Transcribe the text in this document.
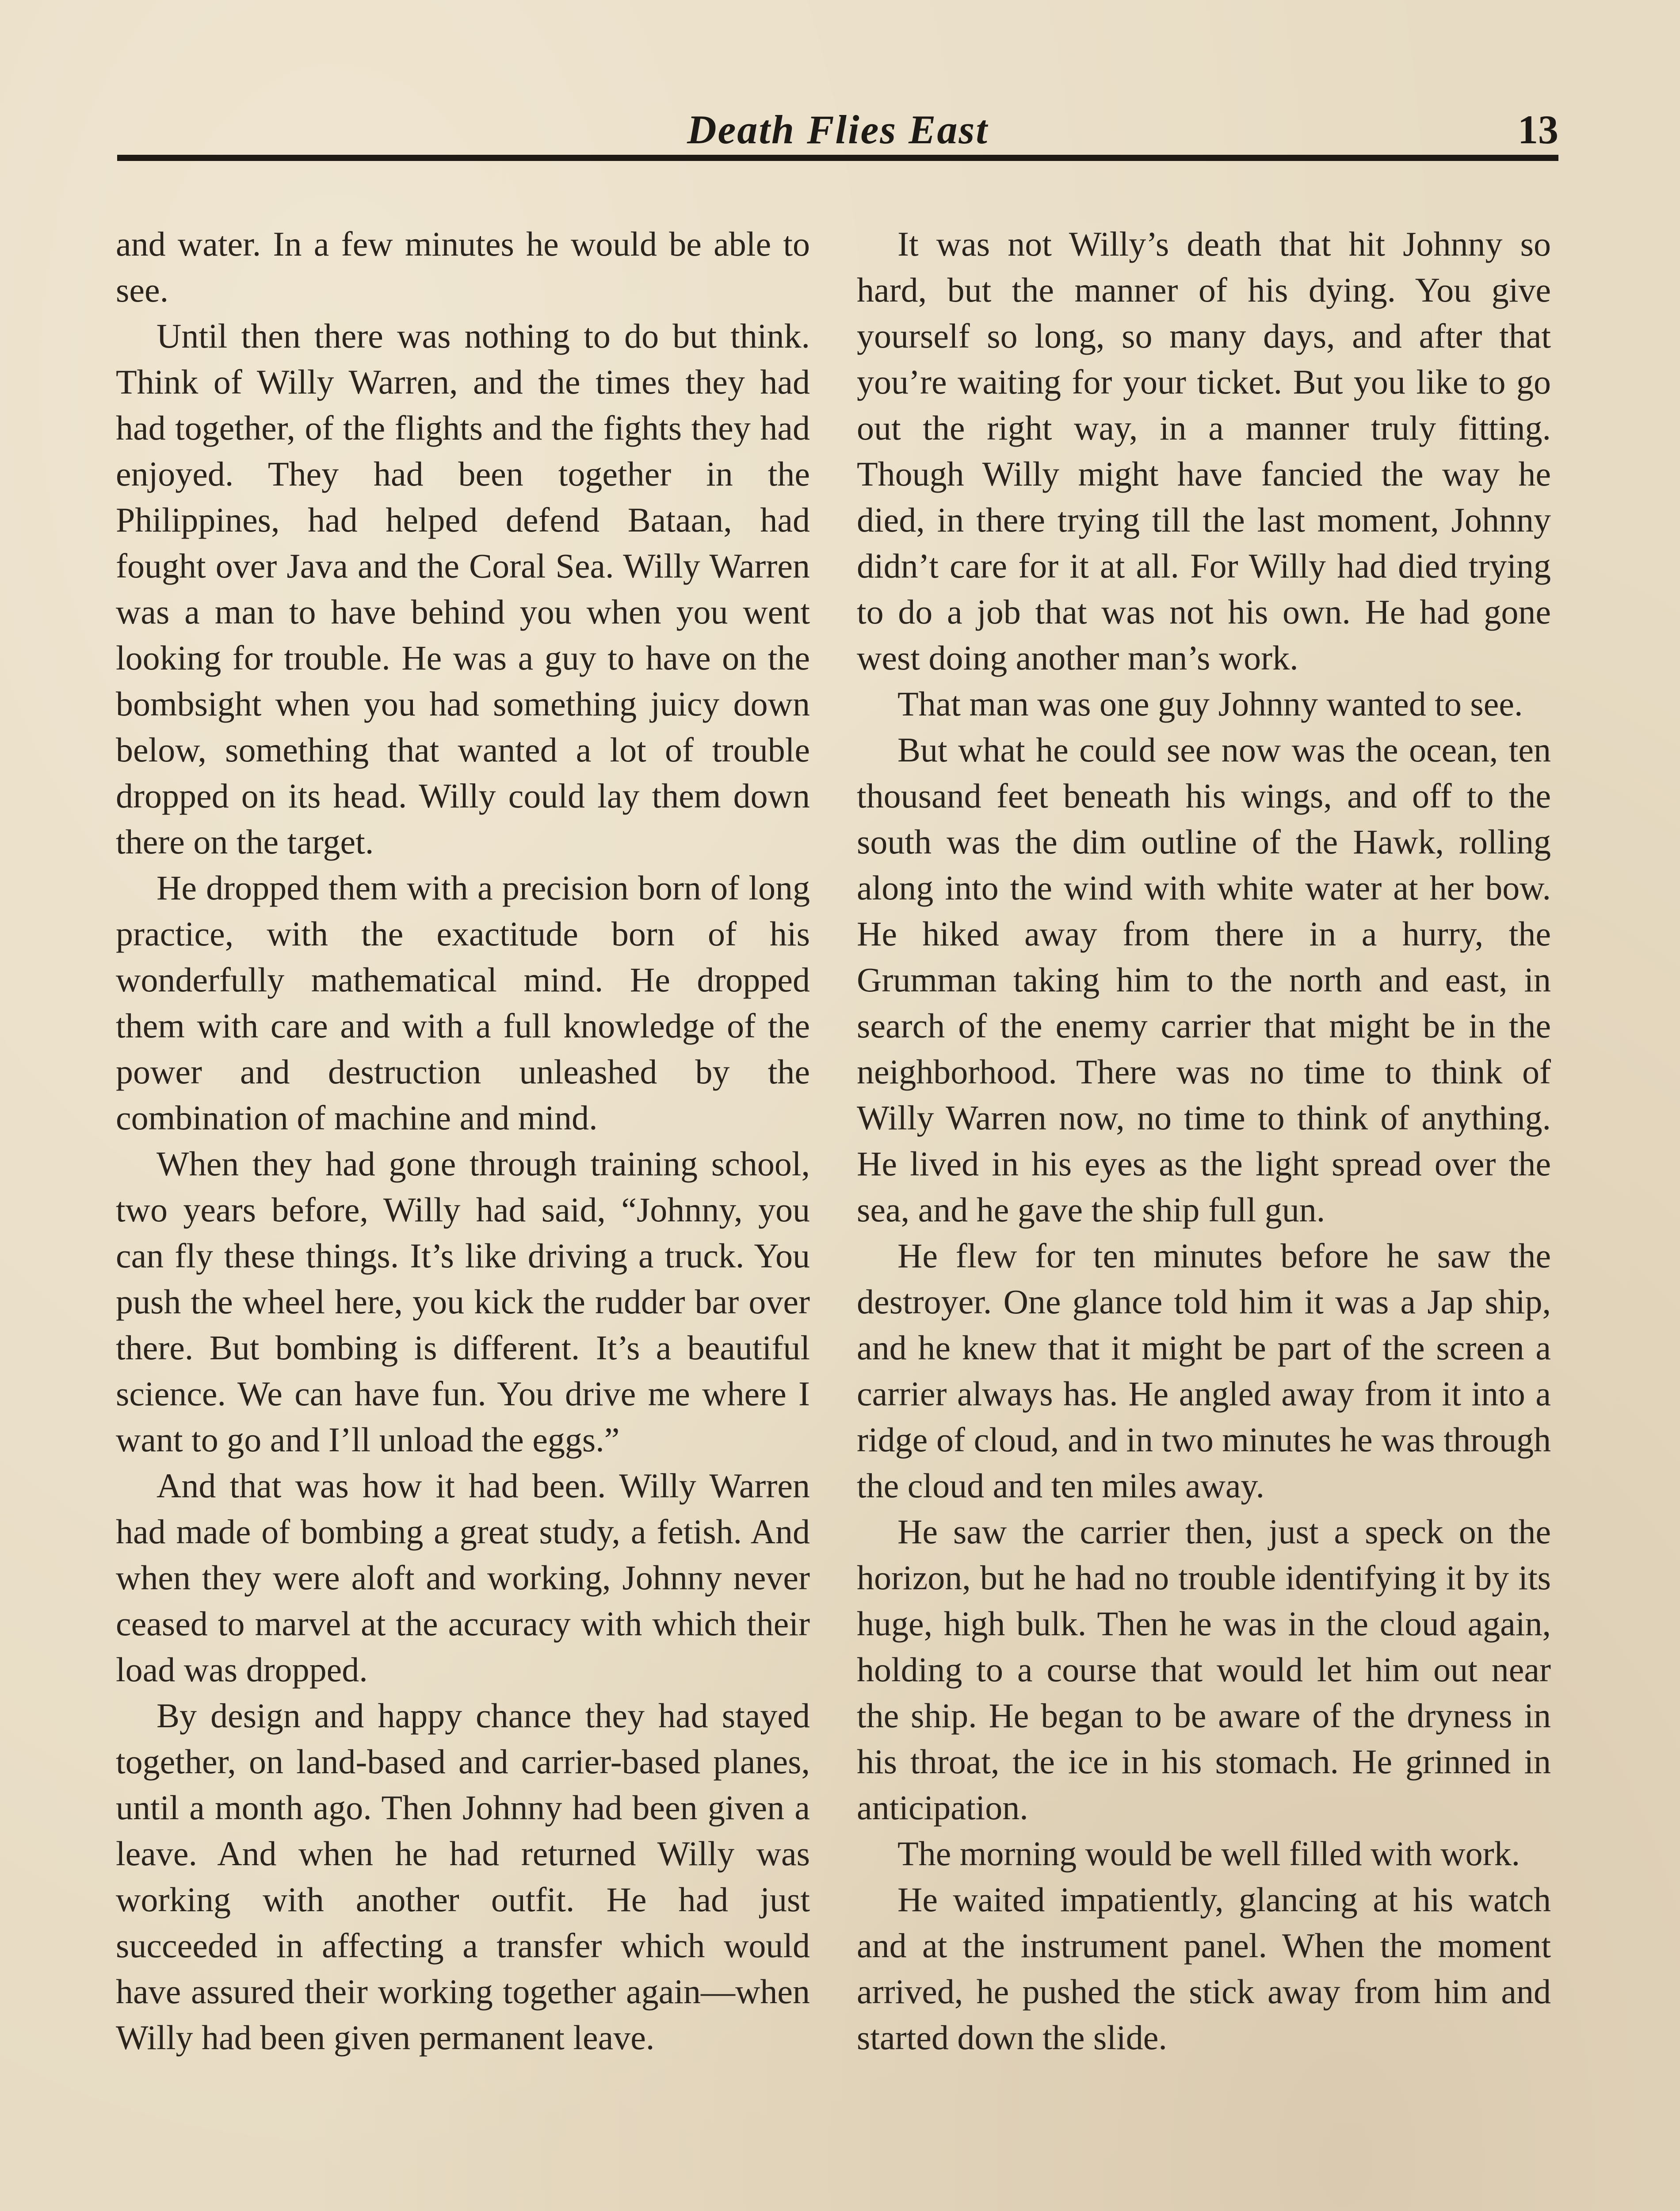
Death Flies East	13

and water. In a few minutes he would be able to see.

Until then there was nothing to do but think. Think of Willy Warren, and the times they had had together, of the flights and the fights they had enjoyed. They had been together in the Philippines, had helped defend Bataan, had fought over Java and the Coral Sea. Willy Warren was a man to have behind you when you went looking for trouble. He was a guy to have on the bombsight when you had something juicy down below, something that wanted a lot of trouble dropped on its head. Willy could lay them down there on the target.

He dropped them with a precision born of long practice, with the exactitude born of his wonderfully mathematical mind. He dropped them with care and with a full knowledge of the power and destruction unleashed by the combination of machine and mind.

When they had gone through training school, two years before, Willy had said, “Johnny, you can fly these things. It’s like driving a truck. You push the wheel here, you kick the rudder bar over there. But bombing is different. It’s a beautiful science. We can have fun. You drive me where I want to go and I’ll unload the eggs.”

And that was how it had been. Willy Warren had made of bombing a great study, a fetish. And when they were aloft and working, Johnny never ceased to marvel at the accuracy with which their load was dropped.

By design and happy chance they had stayed together, on land-based and carrier-based planes, until a month ago. Then Johnny had been given a leave. And when he had returned Willy was working with another outfit. He had just succeeded in affecting a transfer which would have assured their working together again—when Willy had been given permanent leave.

It was not Willy’s death that hit Johnny so hard, but the manner of his dying. You give yourself so long, so many days, and after that you’re waiting for your ticket. But you like to go out the right way, in a manner truly fitting. Though Willy might have fancied the way he died, in there trying till the last moment, Johnny didn’t care for it at all. For Willy had died trying to do a job that was not his own. He had gone west doing another man’s work.

That man was one guy Johnny wanted to see.

But what he could see now was the ocean, ten thousand feet beneath his wings, and off to the south was the dim outline of the Hawk, rolling along into the wind with white water at her bow. He hiked away from there in a hurry, the Grumman taking him to the north and east, in search of the enemy carrier that might be in the neighborhood. There was no time to think of Willy Warren now, no time to think of anything. He lived in his eyes as the light spread over the sea, and he gave the ship full gun.

He flew for ten minutes before he saw the destroyer. One glance told him it was a Jap ship, and he knew that it might be part of the screen a carrier always has. He angled away from it into a ridge of cloud, and in two minutes he was through the cloud and ten miles away.

He saw the carrier then, just a speck on the horizon, but he had no trouble identifying it by its huge, high bulk. Then he was in the cloud again, holding to a course that would let him out near the ship. He began to be aware of the dryness in his throat, the ice in his stomach. He grinned in anticipation.

The morning would be well filled with work.

He waited impatiently, glancing at his watch and at the instrument panel. When the moment arrived, he pushed the stick away from him and started down the slide.
